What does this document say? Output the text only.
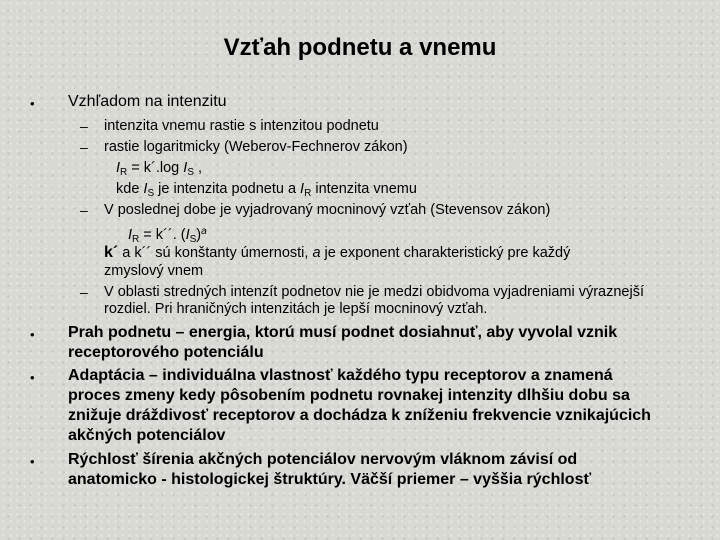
Vzťah podnetu a vnemu
• Vzhľadom na intenzitu
– intenzita vnemu rastie s intenzitou podnetu
– rastie logaritmicky (Weberov-Fechnerov zákon)
$I_R$ = k´.log $I_S$ ,
kde $I_S$ je intenzita podnetu a $I_R$ intenzita vnemu
– V poslednej dobe je vyjadrovaný mocninový vzťah (Stevensov zákon)
$I_R$ = k´´. $(I_S)^a$
k´ a k´´ sú konštanty úmernosti, a je exponent charakteristický pre každý
zmyslový vnem
– V oblasti stredných intenzít podnetov nie je medzi obidvoma vyjadreniami výraznejší rozdiel. Pri hraničných intenzitách je lepší mocninový vzťah.
• Prah podnetu – energia, ktorú musí podnet dosiahnuť, aby vyvolal vznik receptorového potenciálu
• Adaptácia – individuálna vlastnosť každého typu receptorov a znamená proces zmeny kedy pôsobením podnetu rovnakej intenzity dlhšiu dobu sa znižuje dráždivosť receptorov a dochádza k zníženiu frekvencie vznikajúcich akčných potenciálov
• Rýchlosť šírenia akčných potenciálov nervovým vláknom závisí od anatomicko - histologickej štruktúry. Väčší priemer – vyššia rýchlosť
